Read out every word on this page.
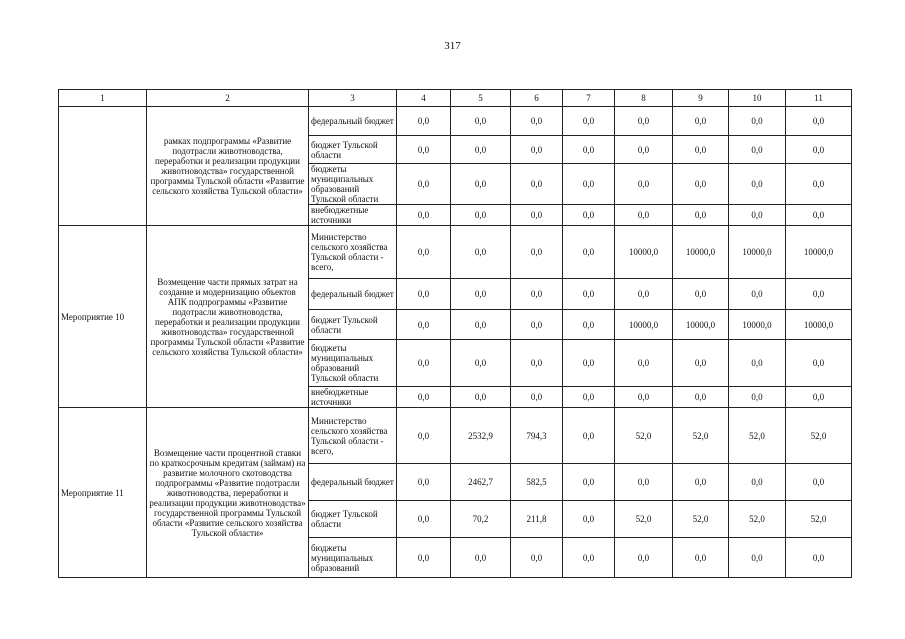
317
1	2	3	4	5	6	7	8	9	10	11
	рамках подпрограммы «Развитие подотрасли животноводства, переработки и реализации продукции животноводства» государственной программы Тульской области «Развитие сельского хозяйства Тульской области»	федеральный бюджет	0,0	0,0	0,0	0,0	0,0	0,0	0,0	0,0
		бюджет Тульской области	0,0	0,0	0,0	0,0	0,0	0,0	0,0	0,0
		бюджеты муниципальных образований Тульской области	0,0	0,0	0,0	0,0	0,0	0,0	0,0	0,0
		внебюджетные источники	0,0	0,0	0,0	0,0	0,0	0,0	0,0	0,0
Мероприятие 10	Возмещение части прямых затрат на создание и модернизацию объектов АПК подпрограммы «Развитие подотрасли животноводства, переработки и реализации продукции животноводства» государственной программы Тульской области «Развитие сельского хозяйства Тульской области»	Министерство сельского хозяйства Тульской области - всего,	0,0	0,0	0,0	0,0	10000,0	10000,0	10000,0	10000,0
		федеральный бюджет	0,0	0,0	0,0	0,0	0,0	0,0	0,0	0,0
		бюджет Тульской области	0,0	0,0	0,0	0,0	10000,0	10000,0	10000,0	10000,0
		бюджеты муниципальных образований Тульской области	0,0	0,0	0,0	0,0	0,0	0,0	0,0	0,0
		внебюджетные источники	0,0	0,0	0,0	0,0	0,0	0,0	0,0	0,0
Мероприятие 11	Возмещение части процентной ставки по краткосрочным кредитам (займам) на развитие молочного скотоводства подпрограммы «Развитие подотрасли животноводства, переработки и реализации продукции животноводства» государственной программы Тульской области «Развитие сельского хозяйства Тульской области»	Министерство сельского хозяйства Тульской области - всего,	0,0	2532,9	794,3	0,0	52,0	52,0	52,0	52,0
		федеральный бюджет	0,0	2462,7	582,5	0,0	0,0	0,0	0,0	0,0
		бюджет Тульской области	0,0	70,2	211,8	0,0	52,0	52,0	52,0	52,0
		бюджеты муниципальных образований	0,0	0,0	0,0	0,0	0,0	0,0	0,0	0,0
